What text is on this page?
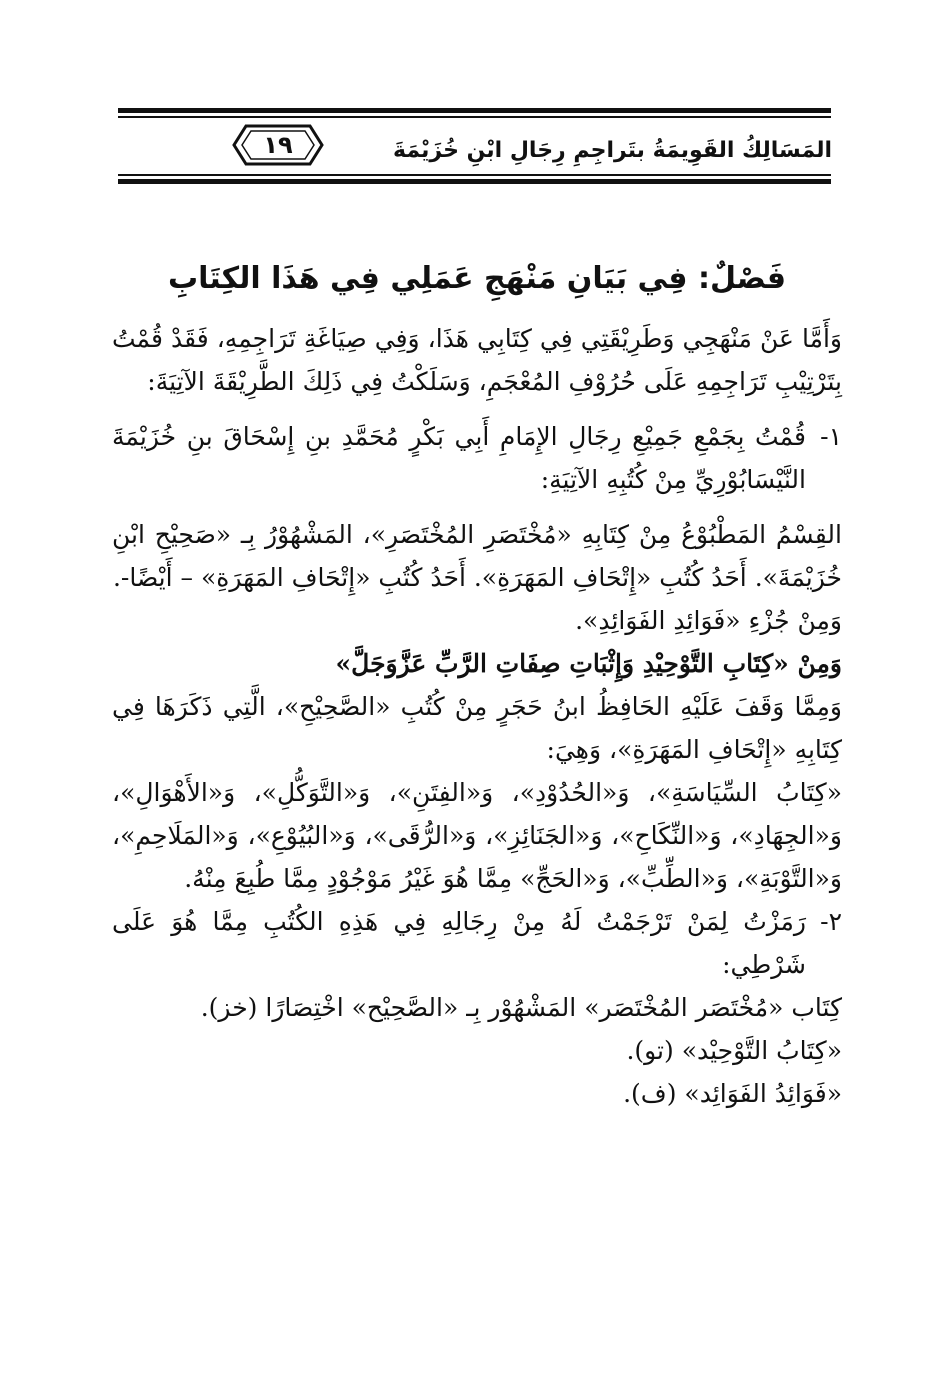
المَسَالِكُ القَوِيمَةُ بتَراجِمِ رِجَالِ ابْنِ خُزَيْمَةَ
١٩
فَصْلٌ: فِي بَيَانِ مَنْهَجِ عَمَلِي فِي هَذَا الكِتَابِ

وَأَمَّا عَنْ مَنْهَجِي وَطَرِيْقَتِي فِي كِتَابِي هَذَا، وَفِي صِيَاغَةِ تَرَاجِمِهِ، فَقَدْ قُمْتُ بِتَرْتِيْبِ تَرَاجِمِهِ عَلَى حُرُوْفِ المُعْجَمِ، وَسَلَكْتُ فِي ذَلِكَ الطَّرِيْقَةَ الآتِيَةَ:

١-
قُمْتُ بِجَمْعِ جَمِيْعِ رِجَالِ الإِمَامِ أَبِي بَكْرٍ مُحَمَّدِ بنِ إِسْحَاقَ بنِ خُزَيْمَةَ النَّيْسَابُوْرِيِّ مِنْ كُتُبِهِ الآتِيَةِ:

القِسْمُ المَطْبُوْعُ مِنْ كِتَابِهِ «مُخْتَصَرِ المُخْتَصَرِ»، المَشْهُوْرُ بِـ «صَحِيْحِ ابْنِ خُزَيْمَةَ». أَحَدُ كُتُبِ «إِتْحَافِ المَهَرَةِ». أَحَدُ كُتُبِ «إِتْحَافِ المَهَرَةِ» – أَيْضًا-.

وَمِنْ جُزْءِ «فَوَائِدِ الفَوَائِدِ».

وَمِنْ «كِتَابِ التَّوْحِيْدِ وَإِثْبَاتِ صِفَاتِ الرَّبِّ عَزَّوَجَلَّ»

وَمِمَّا وَقَفَ عَلَيْهِ الحَافِظُ ابنُ حَجَرٍ مِنْ كُتُبِ «الصَّحِيْحِ»، الَّتِي ذَكَرَهَا فِي كِتَابِهِ «إِتْحَافِ المَهَرَةِ»، وَهِيَ:

«كِتَابُ السِّيَاسَةِ»، وَ«الحُدُوْدِ»، وَ«الفِتَنِ»، وَ«التَّوَكُّلِ»، وَ«الأَهْوَالِ»، وَ«الجِهَادِ»، وَ«النِّكَاحِ»، وَ«الجَنَائِزِ»، وَ«الرُّقَى»، وَ«البُيُوْعِ»، وَ«المَلَاحِمِ»، وَ«التَّوْبَةِ»، وَ«الطِّبِّ»، وَ«الحَجِّ» مِمَّا هُوَ غَيْرُ مَوْجُوْدٍ مِمَّا طُبِعَ مِنْهُ.

٢-
رَمَزْتُ لِمَنْ تَرْجَمْتُ لَهُ مِنْ رِجَالِهِ فِي هَذِهِ الكُتُبِ مِمَّا هُوَ عَلَى شَرْطِي:

كِتَاب «مُخْتَصَر المُخْتَصَر» المَشْهُوْر بِـ «الصَّحِيْح» اخْتِصَارًا (خز).

«كِتَابُ التَّوْحِيْد» (تو).

«فَوَائِدُ الفَوَائِد» (ف).
